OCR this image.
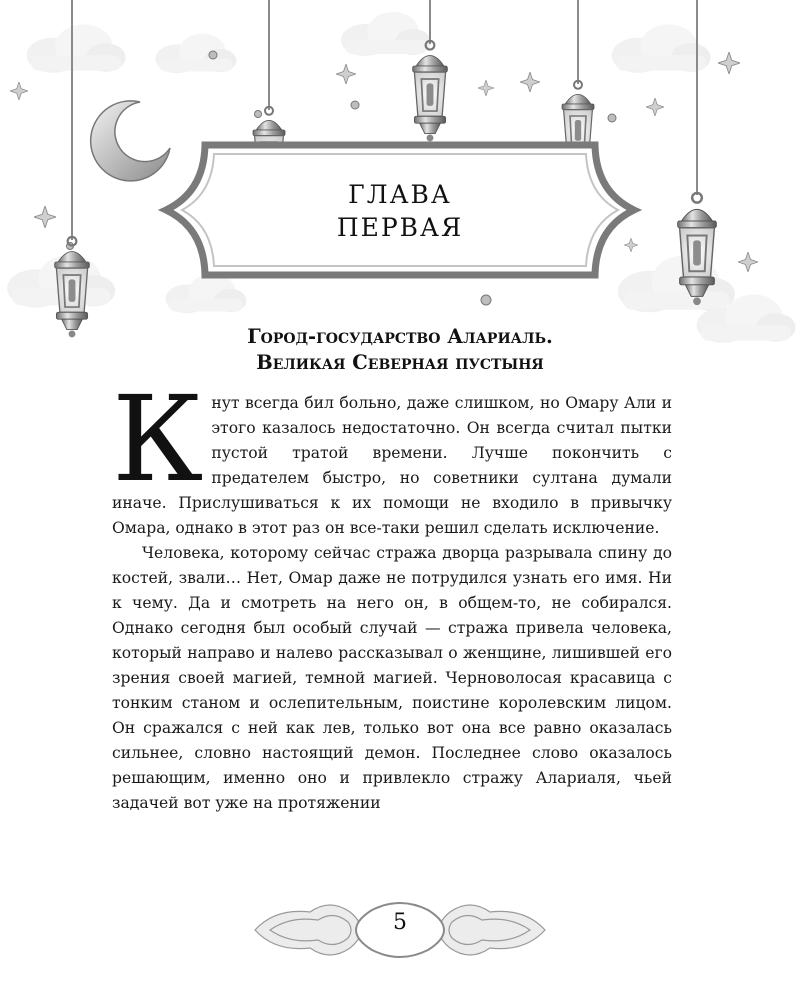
ГЛАВА
ПЕРВАЯ
Город-государство Алариаль.
Великая Северная пустыня

Кнут всегда бил больно, даже слишком, но Омару Али и этого казалось недостаточно. Он всегда считал пытки пустой тратой времени. Лучше покончить с предателем быстро, но советники султана думали иначе. Прислушиваться к их помощи не входило в привычку Омара, однако в этот раз он все-таки решил сделать исключение.

Человека, которому сейчас стража дворца разрывала спину до костей, звали… Нет, Омар даже не потрудился узнать его имя. Ни к чему. Да и смотреть на него он, в общем-то, не собирался. Однако сегодня был особый случай — стража привела человека, который направо и налево рассказывал о женщине, лишившей его зрения своей магией, темной магией. Черноволосая красавица с тонким станом и ослепительным, поистине королевским лицом. Он сражался с ней как лев, только вот она все равно оказалась сильнее, словно настоящий демон. Последнее слово оказалось решающим, именно оно и привлекло стражу Алариаля, чьей задачей вот уже на протяжении

5
